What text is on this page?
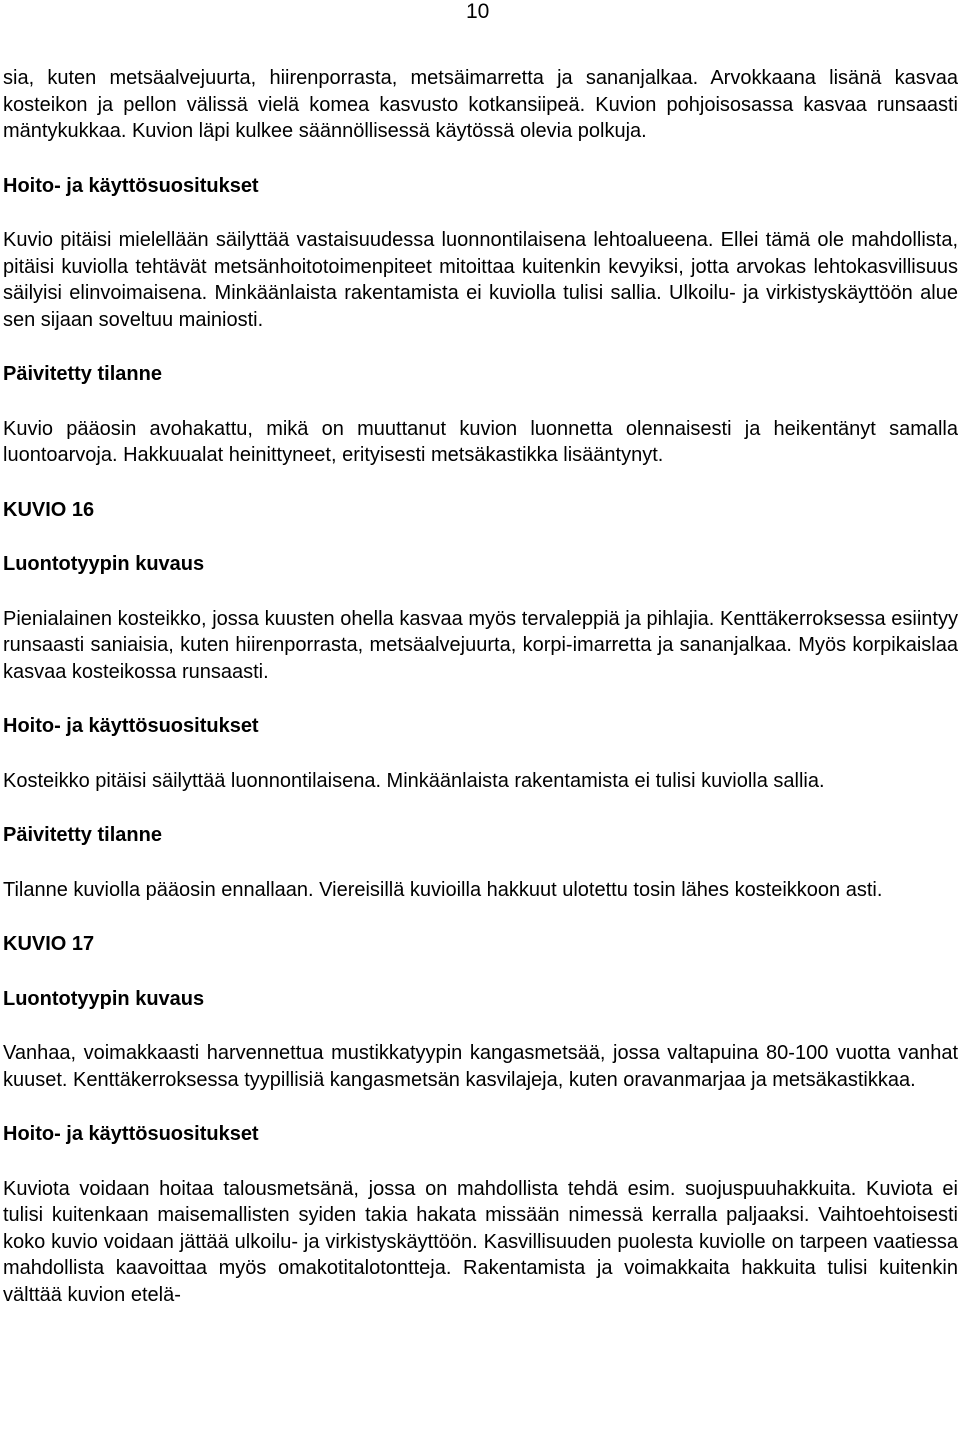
10

sia, kuten metsäalvejuurta, hiirenporrasta, metsäimarretta ja sananjalkaa. Arvokkaana lisänä kasvaa kosteikon ja pellon välissä vielä komea kasvusto kotkansiipeä. Kuvion pohjoisosassa kasvaa runsaasti mäntykukkaa. Kuvion läpi kulkee säännöllisessä käytössä olevia polkuja.

Hoito- ja käyttösuositukset

Kuvio pitäisi mielellään säilyttää vastaisuudessa luonnontilaisena lehtoalueena. Ellei tämä ole mahdollista, pitäisi kuviolla tehtävät metsänhoitotoimenpiteet mitoittaa kuitenkin kevyiksi, jotta arvokas lehtokasvillisuus säilyisi elinvoimaisena. Minkäänlaista rakentamista ei kuviolla tulisi sallia. Ulkoilu- ja virkistyskäyttöön alue sen sijaan soveltuu mainiosti.

Päivitetty tilanne

Kuvio pääosin avohakattu, mikä on muuttanut kuvion luonnetta olennaisesti ja heikentänyt samalla luontoarvoja. Hakkuualat heinittyneet, erityisesti metsäkastikka lisääntynyt.

KUVIO 16
Luontotyypin kuvaus

Pienialainen kosteikko, jossa kuusten ohella kasvaa myös tervaleppiä ja pihlajia. Kenttäkerroksessa esiintyy runsaasti saniaisia, kuten hiirenporrasta, metsäalvejuurta, korpi-imarretta ja sananjalkaa. Myös korpikaislaa kasvaa kosteikossa runsaasti.

Hoito- ja käyttösuositukset

Kosteikko pitäisi säilyttää luonnontilaisena. Minkäänlaista rakentamista ei tulisi kuviolla sallia.

Päivitetty tilanne

Tilanne kuviolla pääosin ennallaan. Viereisillä kuvioilla hakkuut ulotettu tosin lähes kosteikkoon asti.

KUVIO 17
Luontotyypin kuvaus

Vanhaa, voimakkaasti harvennettua mustikkatyypin kangasmetsää, jossa valtapuina 80-100 vuotta vanhat kuuset. Kenttäkerroksessa tyypillisiä kangasmetsän kasvilajeja, kuten oravanmarjaa ja metsäkastikkaa.

Hoito- ja käyttösuositukset

Kuviota voidaan hoitaa talousmetsänä, jossa on mahdollista tehdä esim. suojuspuuhakkuita. Kuviota ei tulisi kuitenkaan maisemallisten syiden takia hakata missään nimessä kerralla paljaaksi. Vaihtoehtoisesti koko kuvio voidaan jättää ulkoilu- ja virkistyskäyttöön. Kasvillisuuden puolesta kuviolle on tarpeen vaatiessa mahdollista kaavoittaa myös omakotitalotontteja. Rakentamista ja voimakkaita hakkuita tulisi kuitenkin välttää kuvion etelä-
